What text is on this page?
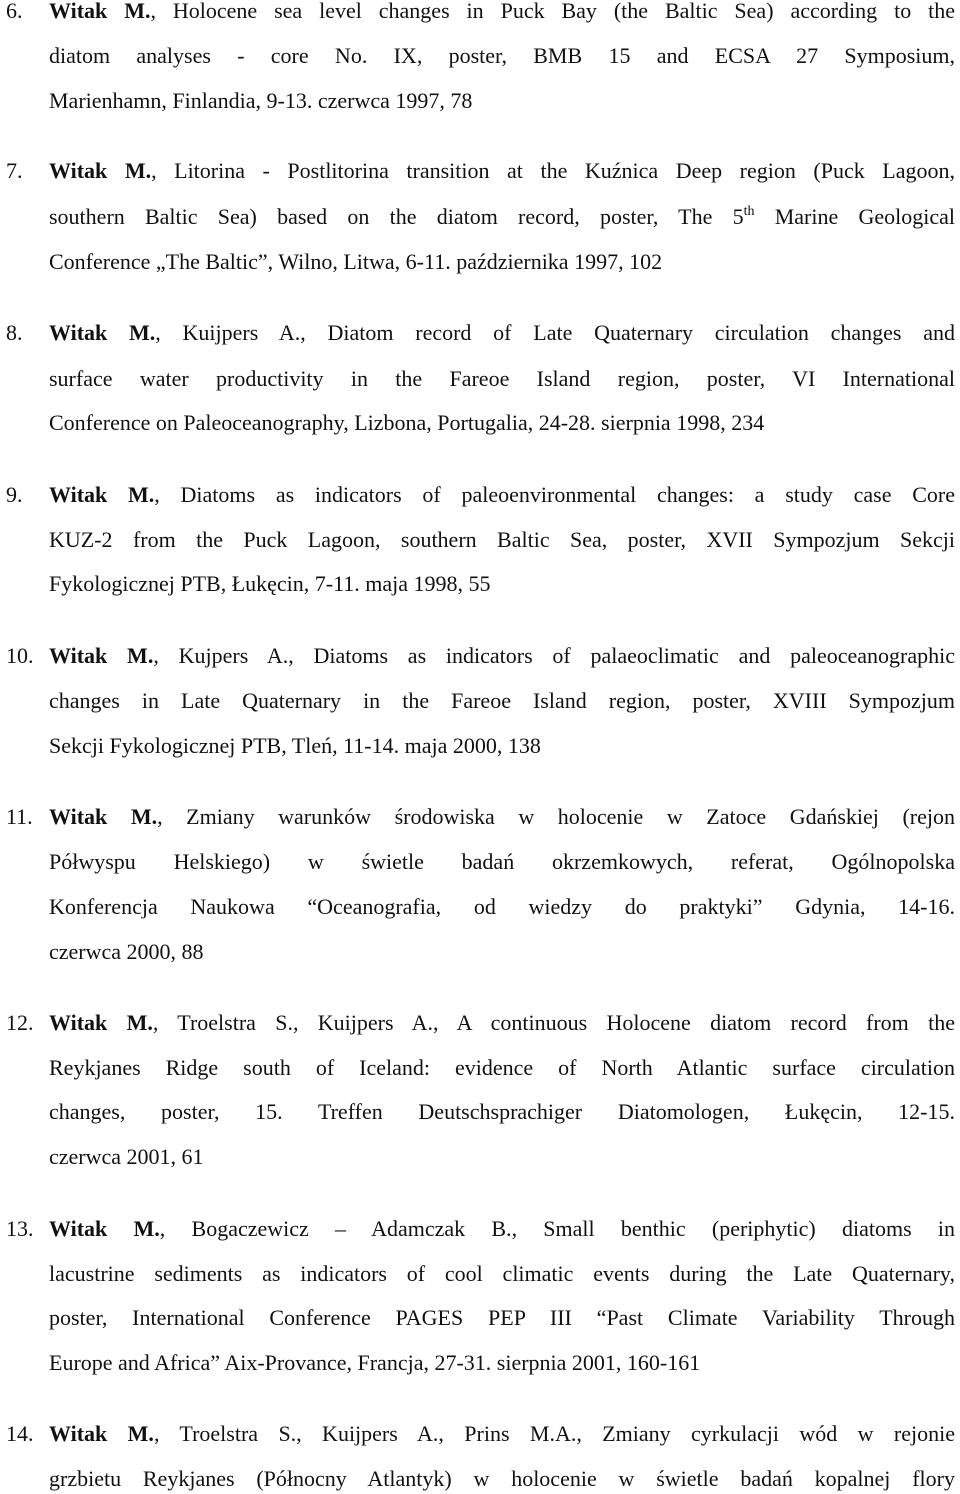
6. Witak M., Holocene sea level changes in Puck Bay (the Baltic Sea) according to the
diatom analyses - core No. IX, poster, BMB 15 and ECSA 27 Symposium,
Marienhamn, Finlandia, 9-13. czerwca 1997, 78
7. Witak M., Litorina - Postlitorina transition at the Kuźnica Deep region (Puck Lagoon,
southern Baltic Sea) based on the diatom record, poster, The 5th Marine Geological
Conference „The Baltic”, Wilno, Litwa, 6-11. października 1997, 102
8. Witak M., Kuijpers A., Diatom record of Late Quaternary circulation changes and
surface water productivity in the Fareoe Island region, poster, VI International
Conference on Paleoceanography, Lizbona, Portugalia, 24-28. sierpnia 1998, 234
9. Witak M., Diatoms as indicators of paleoenvironmental changes: a study case Core
KUZ-2 from the Puck Lagoon, southern Baltic Sea, poster, XVII Sympozjum Sekcji
Fykologicznej PTB, Łukęcin, 7-11. maja 1998, 55
10. Witak M., Kujpers A., Diatoms as indicators of palaeoclimatic and paleoceanographic
changes in Late Quaternary in the Fareoe Island region, poster, XVIII Sympozjum
Sekcji Fykologicznej PTB, Tleń, 11-14. maja 2000, 138
11. Witak M., Zmiany warunków środowiska w holocenie w Zatoce Gdańskiej (rejon
Półwyspu Helskiego) w świetle badań okrzemkowych, referat, Ogólnopolska
Konferencja Naukowa “Oceanografia, od wiedzy do praktyki” Gdynia, 14-16.
czerwca 2000, 88
12. Witak M., Troelstra S., Kuijpers A., A continuous Holocene diatom record from the
Reykjanes Ridge south of Iceland: evidence of North Atlantic surface circulation
changes, poster, 15. Treffen Deutschsprachiger Diatomologen, Łukęcin, 12-15.
czerwca 2001, 61
13. Witak M., Bogaczewicz – Adamczak B., Small benthic (periphytic) diatoms in
lacustrine sediments as indicators of cool climatic events during the Late Quaternary,
poster, International Conference PAGES PEP III “Past Climate Variability Through
Europe and Africa” Aix-Provance, Francja, 27-31. sierpnia 2001, 160-161
14. Witak M., Troelstra S., Kuijpers A., Prins M.A., Zmiany cyrkulacji wód w rejonie
grzbietu Reykjanes (Północny Atlantyk) w holocenie w świetle badań kopalnej flory
